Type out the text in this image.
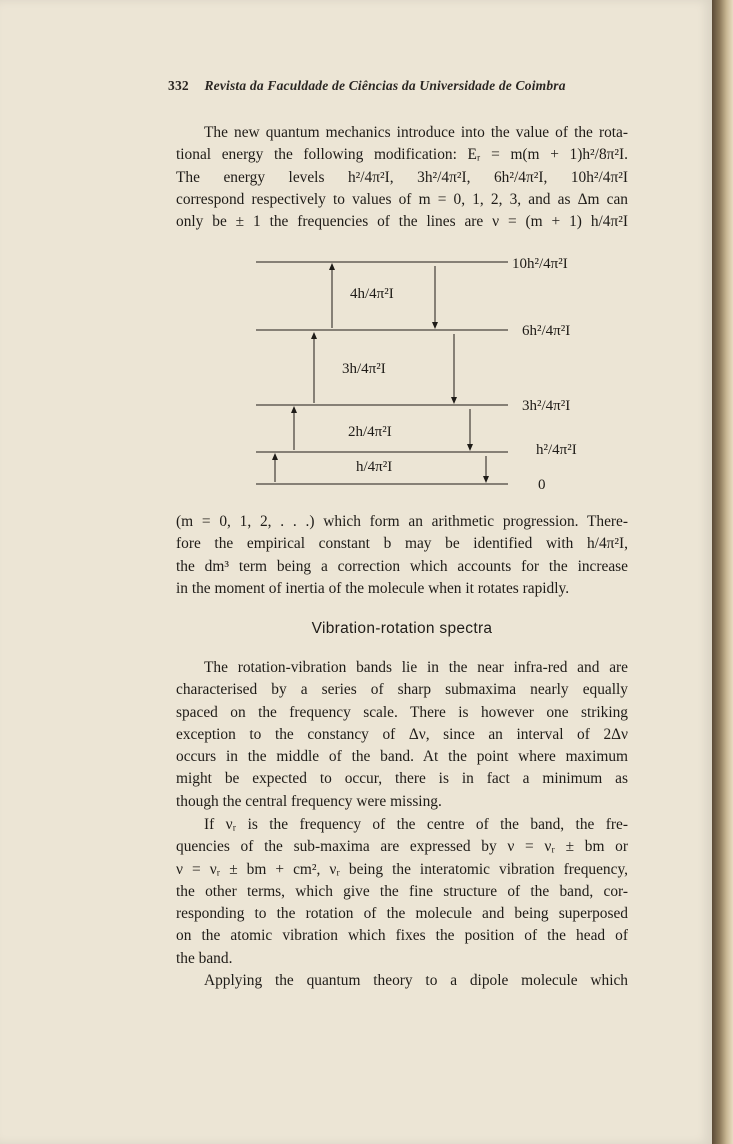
332 Revista da Faculdade de Ciências da Universidade de Coimbra
The new quantum mechanics introduce into the value of the rota-
tional energy the following modification: Eᵣ = m(m + 1)h²/8π²I.
The energy levels h²/4π²I, 3h²/4π²I, 6h²/4π²I, 10h²/4π²I
correspond respectively to values of m = 0, 1, 2, 3, and as Δm can
only be ± 1 the frequencies of the lines are ν = (m + 1) h/4π²I
10h²/4π²I
6h²/4π²I
3h²/4π²I
h²/4π²I
0
4h/4π²I
3h/4π²I
2h/4π²I
h/4π²I
(m = 0, 1, 2, . . .) which form an arithmetic progression. There-
fore the empirical constant b may be identified with h/4π²I,
the dm³ term being a correction which accounts for the increase
in the moment of inertia of the molecule when it rotates rapidly.
Vibration-rotation spectra
The rotation-vibration bands lie in the near infra-red and are
characterised by a series of sharp submaxima nearly equally
spaced on the frequency scale. There is however one striking
exception to the constancy of Δν, since an interval of 2Δν
occurs in the middle of the band. At the point where maximum
might be expected to occur, there is in fact a minimum as
though the central frequency were missing.
If νᵣ is the frequency of the centre of the band, the fre-
quencies of the sub-maxima are expressed by ν = νᵣ ± bm or
ν = νᵣ ± bm + cm², νᵣ being the interatomic vibration frequency,
the other terms, which give the fine structure of the band, cor-
responding to the rotation of the molecule and being superposed
on the atomic vibration which fixes the position of the head of
the band.
Applying the quantum theory to a dipole molecule which
